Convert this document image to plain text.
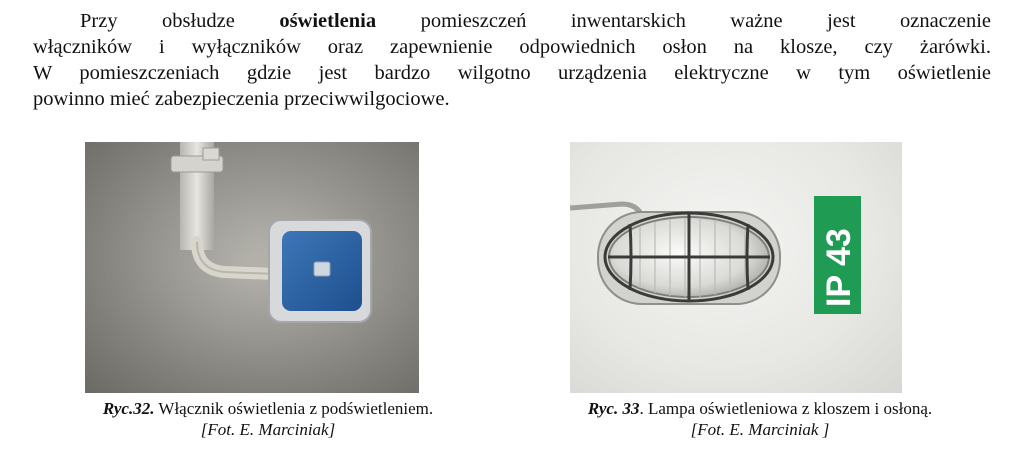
Przy obsłudze oświetlenia pomieszczeń inwentarskich ważne jest oznaczenie
włączników i wyłączników oraz zapewnienie odpowiednich osłon na klosze, czy żarówki.
W pomieszczeniach gdzie jest bardzo wilgotno urządzenia elektryczne w tym oświetlenie
powinno mieć zabezpieczenia przeciwwilgociowe.

IP 43
Ryc.32. Włącznik oświetlenia z podświetleniem.
[Fot. E. Marciniak]
Ryc. 33. Lampa oświetleniowa z kloszem i osłoną.
[Fot. E. Marciniak ]
